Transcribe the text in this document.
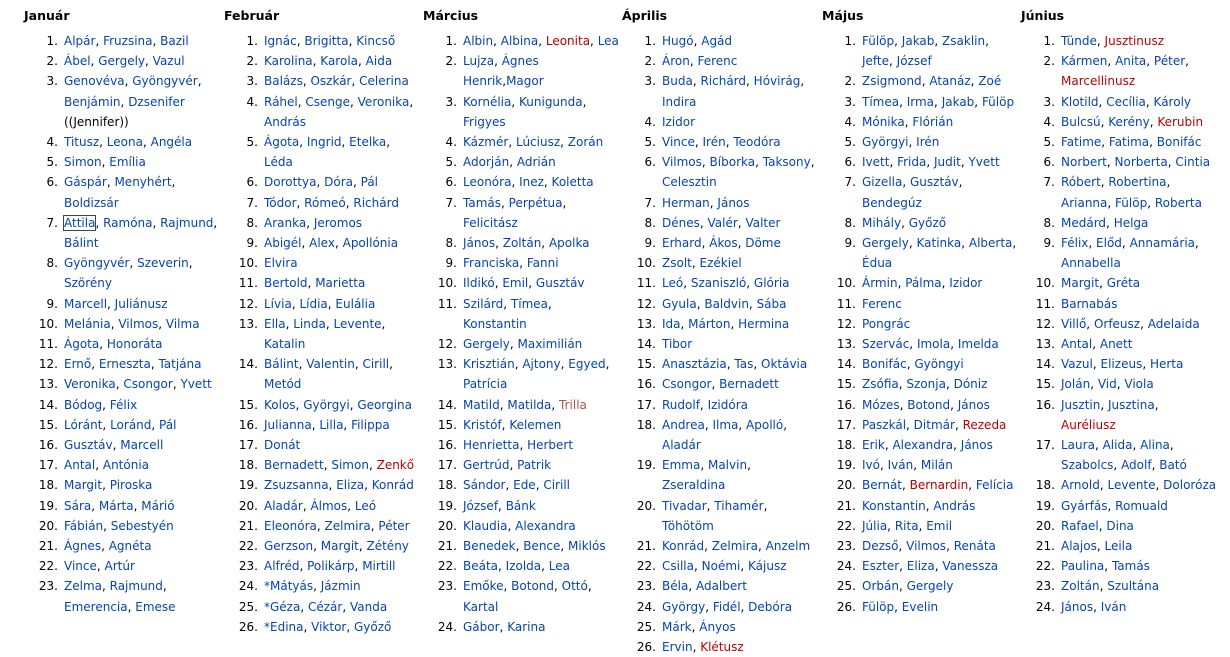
Január
1. Alpár, Fruzsina, Bazil
2. Ábel, Gergely, Vazul
3. Genovéva, Gyöngyvér, Benjámin, Dzsenifer ((Jennifer))
4. Titusz, Leona, Angéla
5. Simon, Emília
6. Gáspár, Menyhért, Boldizsár
7. Attila, Ramóna, Rajmund, Bálint
8. Gyöngyvér, Szeverin, Szörény
9. Marcell, Juliánusz
10. Melánia, Vilmos, Vilma
11. Ágota, Honoráta
12. Ernő, Erneszta, Tatjána
13. Veronika, Csongor, Yvett
14. Bódog, Félix
15. Lóránt, Loránd, Pál
16. Gusztáv, Marcell
17. Antal, Antónia
18. Margit, Piroska
19. Sára, Márta, Márió
20. Fábián, Sebestyén
21. Ágnes, Agnéta
22. Vince, Artúr
23. Zelma, Rajmund, Emerencia, Emese
Február
1. Ignác, Brigitta, Kincső
2. Karolina, Karola, Aida
3. Balázs, Oszkár, Celerina
4. Ráhel, Csenge, Veronika, András
5. Ágota, Ingrid, Etelka, Léda
6. Dorottya, Dóra, Pál
7. Tódor, Rómeó, Richárd
8. Aranka, Jeromos
9. Abigél, Alex, Apollónia
10. Elvira
11. Bertold, Marietta
12. Lívia, Lídia, Eulália
13. Ella, Linda, Levente, Katalin
14. Bálint, Valentin, Cirill, Metód
15. Kolos, Györgyi, Georgina
16. Julianna, Lilla, Filippa
17. Donát
18. Bernadett, Simon, Zenkő
19. Zsuzsanna, Eliza, Konrád
20. Aladár, Álmos, Leó
21. Eleonóra, Zelmira, Péter
22. Gerzson, Margit, Zétény
23. Alfréd, Polikárp, Mirtill
24. *Mátyás, Jázmin
25. *Géza, Cézár, Vanda
26. *Edina, Viktor, Győző
Március
1. Albin, Albina, Leonita, Lea
2. Lujza, Ágnes Henrik,Magor
3. Kornélia, Kunigunda, Frigyes
4. Kázmér, Lúciusz, Zorán
5. Adorján, Adrián
6. Leonóra, Inez, Koletta
7. Tamás, Perpétua, Felicitász
8. János, Zoltán, Apolka
9. Franciska, Fanni
10. Ildikó, Emil, Gusztáv
11. Szilárd, Tímea, Konstantin
12. Gergely, Maximilián
13. Krisztián, Ajtony, Egyed, Patrícia
14. Matild, Matilda, Trilla
15. Kristóf, Kelemen
16. Henrietta, Herbert
17. Gertrúd, Patrik
18. Sándor, Ede, Cirill
19. József, Bánk
20. Klaudia, Alexandra
21. Benedek, Bence, Miklós
22. Beáta, Izolda, Lea
23. Emőke, Botond, Ottó, Kartal
24. Gábor, Karina
Április
1. Hugó, Agád
2. Áron, Ferenc
3. Buda, Richárd, Hóvirág, Indira
4. Izidor
5. Vince, Irén, Teodóra
6. Vilmos, Bíborka, Taksony, Celesztin
7. Herman, János
8. Dénes, Valér, Valter
9. Erhard, Ákos, Döme
10. Zsolt, Ezékiel
11. Leó, Szaniszló, Glória
12. Gyula, Baldvin, Sába
13. Ida, Márton, Hermina
14. Tibor
15. Anasztázia, Tas, Oktávia
16. Csongor, Bernadett
17. Rudolf, Izidóra
18. Andrea, Ilma, Apolló, Aladár
19. Emma, Malvin, Zseraldina
20. Tivadar, Tihamér, Töhötöm
21. Konrád, Zelmira, Anzelm
22. Csilla, Noémi, Kájusz
23. Béla, Adalbert
24. György, Fidél, Debóra
25. Márk, Ányos
26. Ervin, Klétusz
Május
1. Fülöp, Jakab, Zsaklin, Jefte, József
2. Zsigmond, Atanáz, Zoé
3. Tímea, Irma, Jakab, Fülöp
4. Mónika, Flórián
5. Györgyi, Irén
6. Ivett, Frida, Judit, Yvett
7. Gizella, Gusztáv, Bendegúz
8. Mihály, Győző
9. Gergely, Katinka, Alberta, Édua
10. Ármin, Pálma, Izidor
11. Ferenc
12. Pongrác
13. Szervác, Imola, Imelda
14. Bonifác, Gyöngyi
15. Zsófia, Szonja, Dóniz
16. Mózes, Botond, János
17. Paszkál, Ditmár, Rezeda
18. Erik, Alexandra, János
19. Ivó, Iván, Milán
20. Bernát, Bernardin, Felícia
21. Konstantin, András
22. Júlia, Rita, Emil
23. Dezső, Vilmos, Renáta
24. Eszter, Eliza, Vanessza
25. Orbán, Gergely
26. Fülöp, Evelin
Június
1. Tünde, Jusztinusz
2. Kármen, Anita, Péter, Marcellinusz
3. Klotild, Cecília, Károly
4. Bulcsú, Kerény, Kerubin
5. Fatime, Fatima, Bonifác
6. Norbert, Norberta, Cintia
7. Róbert, Robertina, Arianna, Fülöp, Roberta
8. Medárd, Helga
9. Félix, Előd, Annamária, Annabella
10. Margit, Gréta
11. Barnabás
12. Villő, Orfeusz, Adelaida
13. Antal, Anett
14. Vazul, Elizeus, Herta
15. Jolán, Vid, Viola
16. Jusztin, Jusztina, Auréliusz
17. Laura, Alida, Alina, Szabolcs, Adolf, Bató
18. Arnold, Levente, Doloróza
19. Gyárfás, Romuald
20. Rafael, Dina
21. Alajos, Leila
22. Paulina, Tamás
23. Zoltán, Szultána
24. János, Iván
